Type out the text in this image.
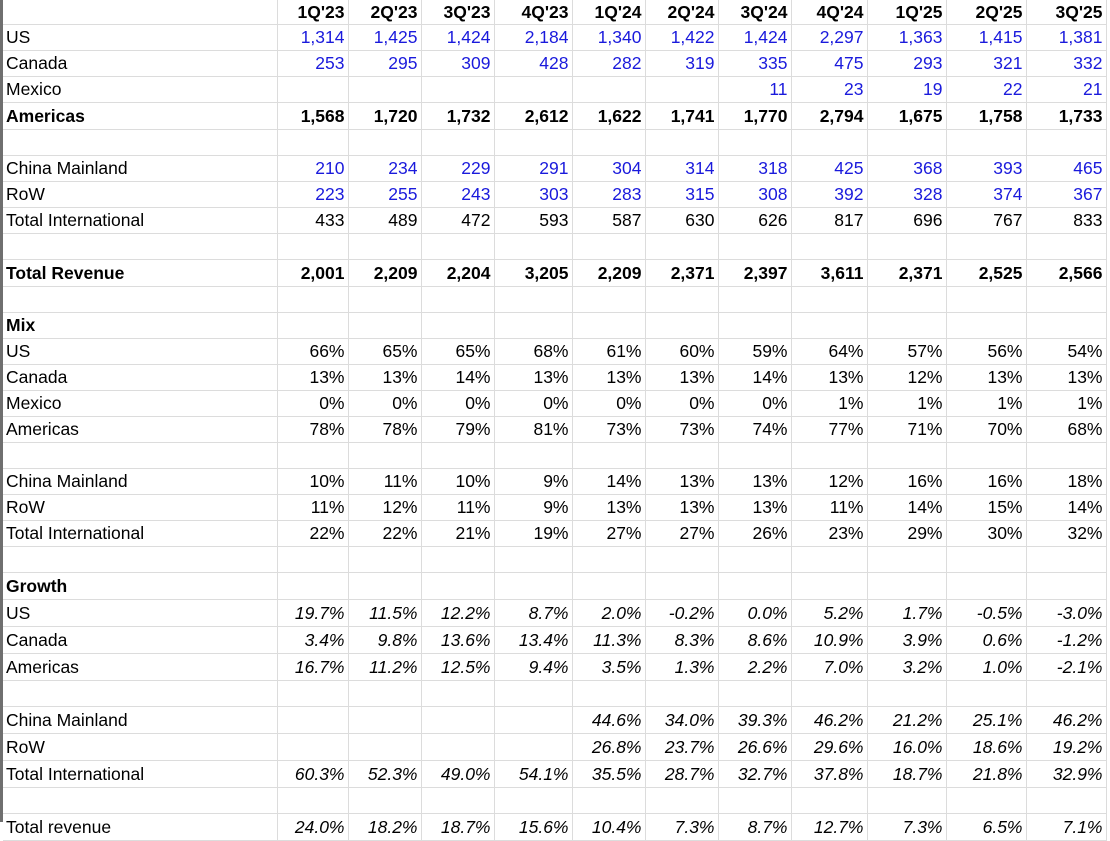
	1Q'23	2Q'23	3Q'23	4Q'23	1Q'24	2Q'24	3Q'24	4Q'24	1Q'25	2Q'25	3Q'25
US	1,314	1,425	1,424	2,184	1,340	1,422	1,424	2,297	1,363	1,415	1,381
Canada	253	295	309	428	282	319	335	475	293	321	332
Mexico							11	23	19	22	21
Americas	1,568	1,720	1,732	2,612	1,622	1,741	1,770	2,794	1,675	1,758	1,733

China Mainland	210	234	229	291	304	314	318	425	368	393	465
RoW	223	255	243	303	283	315	308	392	328	374	367
Total International	433	489	472	593	587	630	626	817	696	767	833

Total Revenue	2,001	2,209	2,204	3,205	2,209	2,371	2,397	3,611	2,371	2,525	2,566

Mix											
US	66%	65%	65%	68%	61%	60%	59%	64%	57%	56%	54%
Canada	13%	13%	14%	13%	13%	13%	14%	13%	12%	13%	13%
Mexico	0%	0%	0%	0%	0%	0%	0%	1%	1%	1%	1%
Americas	78%	78%	79%	81%	73%	73%	74%	77%	71%	70%	68%

China Mainland	10%	11%	10%	9%	14%	13%	13%	12%	16%	16%	18%
RoW	11%	12%	11%	9%	13%	13%	13%	11%	14%	15%	14%
Total International	22%	22%	21%	19%	27%	27%	26%	23%	29%	30%	32%

Growth											
US	19.7%	11.5%	12.2%	8.7%	2.0%	-0.2%	0.0%	5.2%	1.7%	-0.5%	-3.0%
Canada	3.4%	9.8%	13.6%	13.4%	11.3%	8.3%	8.6%	10.9%	3.9%	0.6%	-1.2%
Americas	16.7%	11.2%	12.5%	9.4%	3.5%	1.3%	2.2%	7.0%	3.2%	1.0%	-2.1%

China Mainland					44.6%	34.0%	39.3%	46.2%	21.2%	25.1%	46.2%
RoW					26.8%	23.7%	26.6%	29.6%	16.0%	18.6%	19.2%
Total International	60.3%	52.3%	49.0%	54.1%	35.5%	28.7%	32.7%	37.8%	18.7%	21.8%	32.9%

Total revenue	24.0%	18.2%	18.7%	15.6%	10.4%	7.3%	8.7%	12.7%	7.3%	6.5%	7.1%
